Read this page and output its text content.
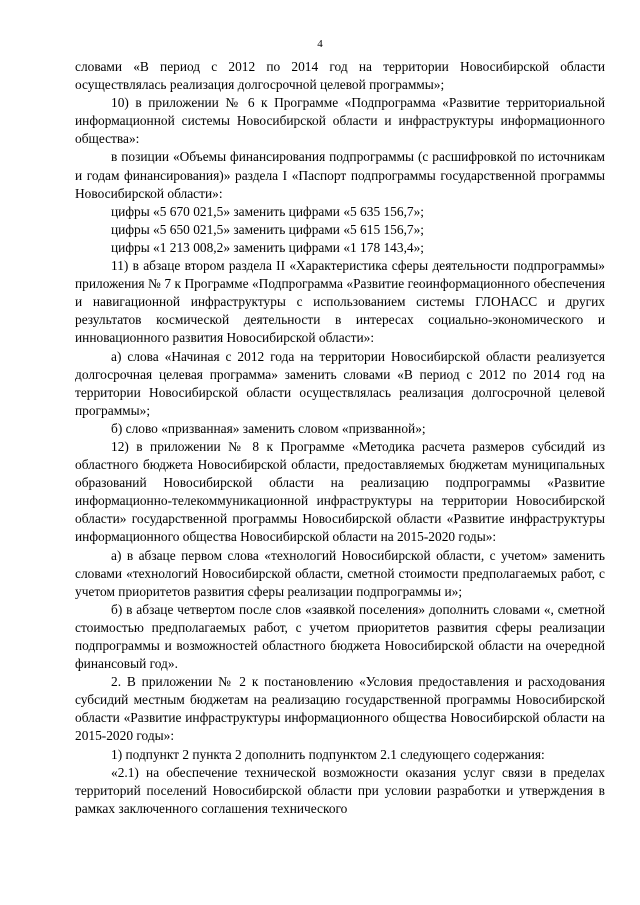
4

словами «В период с 2012 по 2014 год на территории Новосибирской области осуществлялась реализация долгосрочной целевой программы»;

10) в приложении № 6 к Программе «Подпрограмма «Развитие территориальной информационной системы Новосибирской области и инфраструктуры информационного общества»:

в позиции «Объемы финансирования подпрограммы (с расшифровкой по источникам и годам финансирования)» раздела I «Паспорт подпрограммы государственной программы Новосибирской области»:

цифры «5 670 021,5» заменить цифрами «5 635 156,7»;

цифры «5 650 021,5» заменить цифрами «5 615 156,7»;

цифры «1 213 008,2» заменить цифрами «1 178 143,4»;

11) в абзаце втором раздела II «Характеристика сферы деятельности подпрограммы» приложения № 7 к Программе «Подпрограмма «Развитие геоинформационного обеспечения и навигационной инфраструктуры с использованием системы ГЛОНАСС и других результатов космической деятельности в интересах социально-экономического и инновационного развития Новосибирской области»:

а) слова «Начиная с 2012 года на территории Новосибирской области реализуется долгосрочная целевая программа» заменить словами «В период с 2012 по 2014 год на территории Новосибирской области осуществлялась реализация долгосрочной целевой программы»;

б) слово «призванная» заменить словом «призванной»;

12) в приложении № 8 к Программе «Методика расчета размеров субсидий из областного бюджета Новосибирской области, предоставляемых бюджетам муниципальных образований Новосибирской области на реализацию подпрограммы «Развитие информационно-телекоммуникационной инфраструктуры на территории Новосибирской области» государственной программы Новосибирской области «Развитие инфраструктуры информационного общества Новосибирской области на 2015-2020 годы»:

а) в абзаце первом слова «технологий Новосибирской области, с учетом» заменить словами «технологий Новосибирской области, сметной стоимости предполагаемых работ, с учетом приоритетов развития сферы реализации подпрограммы и»;

б) в абзаце четвертом после слов «заявкой поселения» дополнить словами «, сметной стоимостью предполагаемых работ, с учетом приоритетов развития сферы реализации подпрограммы и возможностей областного бюджета Новосибирской области на очередной финансовый год».

2. В приложении № 2 к постановлению «Условия предоставления и расходования субсидий местным бюджетам на реализацию государственной программы Новосибирской области «Развитие инфраструктуры информационного общества Новосибирской области на 2015-2020 годы»:

1) подпункт 2 пункта 2 дополнить подпунктом 2.1 следующего содержания:

«2.1) на обеспечение технической возможности оказания услуг связи в пределах территорий поселений Новосибирской области при условии разработки и утверждения в рамках заключенного соглашения технического
